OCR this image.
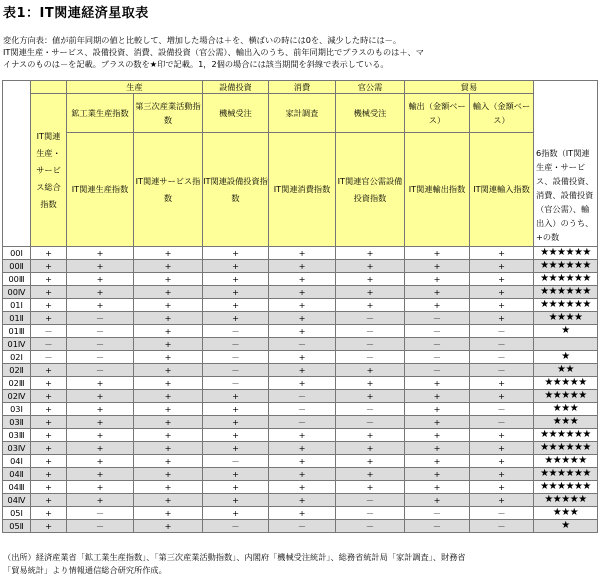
表1：IT関連経済星取表
変化方向表：値が前年同期の値と比較して、増加した場合は＋を、横ばいの時には0を、減少した時には－。
IT関連生産・サービス、設備投資、消費、設備投資（官公需）、輸出入のうち、前年同期比でプラスのものは＋、マ
イナスのものは－を記載。プラスの数を★印で記載。1，2個の場合には該当期間を斜線で表示している。
		生産		設備投資	消費	官公需	貿易		6指数（IT関連生産・サービス、設備投資、消費、設備投資（官公需）、輸出入）のうち、+の数
	IT関連生産・サービス総合指数	鉱工業生産指数	第三次産業活動指数	機械受注	家計調査	機械受注	輸出（金額ベース）	輸入（金額ベース）	
		IT関連生産指数	IT関連サービス指数	IT関連設備投資指数	IT関連消費指数	IT関連官公需設備投資指数	IT関連輸出指数	IT関連輸入指数	
00Ⅰ	+	+	+	+	+	+	+	+	★★★★★★
00Ⅱ	+	+	+	+	+	+	+	+	★★★★★★
00Ⅲ	+	+	+	+	+	+	+	+	★★★★★★
00Ⅳ	+	+	+	+	+	+	+	+	★★★★★★
01Ⅰ	+	+	+	+	+	+	+	+	★★★★★★
01Ⅱ	+	－	+	+	+	－	－	+	★★★★
01Ⅲ	－	－	+	－	+	－	－	－	★
01Ⅳ	－	－	+	－	－	－	－	－	
02Ⅰ	－	－	+	－	+	－	－	－	★
02Ⅱ	+	－	+	－	+	+	－	－	★★
02Ⅲ	+	+	+	－	+	+	+	+	★★★★★
02Ⅳ	+	+	+	+	－	+	+	+	★★★★★
03Ⅰ	+	+	+	+	－	－	+	－	★★★
03Ⅱ	+	+	+	+	－	－	+	－	★★★
03Ⅲ	+	+	+	+	+	+	+	+	★★★★★★
03Ⅳ	+	+	+	+	+	+	+	+	★★★★★★
04Ⅰ	+	+	+	－	+	+	+	+	★★★★★
04Ⅱ	+	+	+	+	+	+	+	+	★★★★★★
04Ⅲ	+	+	+	+	+	+	+	+	★★★★★★
04Ⅳ	+	+	+	+	+	－	+	+	★★★★★
05Ⅰ	+	－	+	+	+	－	－	－	★★★
05Ⅱ	+	－	+	－	－	－	－	－	★
（出所）経済産業省「鉱工業生産指数」、「第三次産業活動指数」、内閣府「機械受注統計」、総務省統計局「家計調査」、財務省
「貿易統計」より情報通信総合研究所作成。
